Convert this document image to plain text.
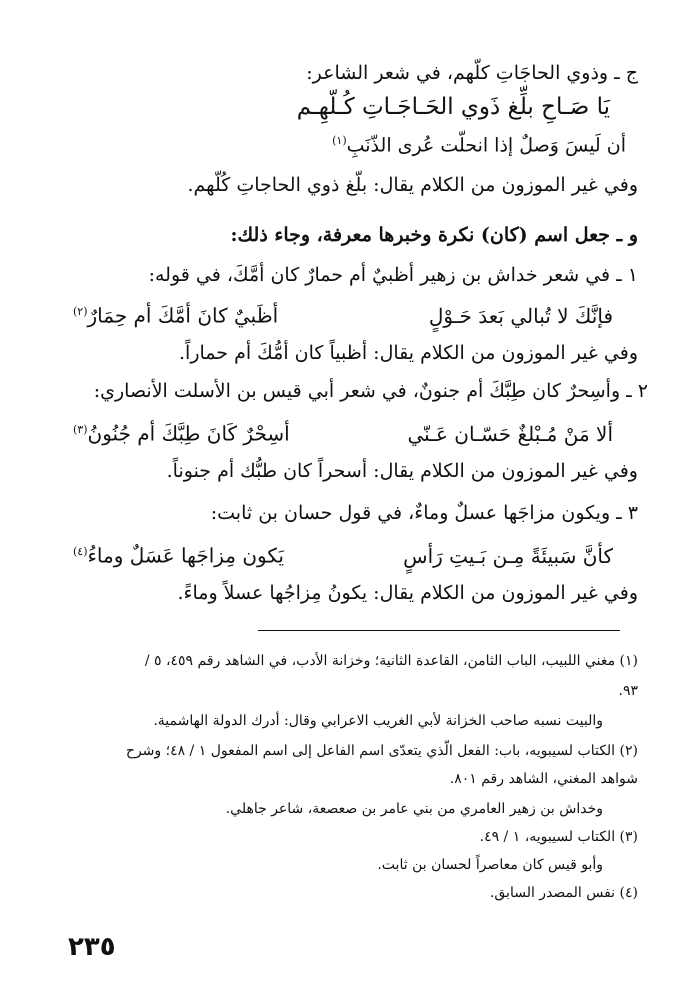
ج ـ وذوي الحاجَاتِ كلّهم، في شعر الشاعر:
يَا صَـاحِ بلِّغ ذَوي الحَـاجَـاتِ كُـلّهِـم
أن لَيسَ وَصلٌ إذا انحلّت عُرى الذّنَبِ$^{(١)}$
وفي غير الموزون من الكلام يقال: بلّغ ذوي الحاجاتِ كُلّهم.
و ـ جعل اسم (كان) نكرة وخبرها معرفة، وجاء ذلك:
١ ـ في شعر خداش بن زهير أظبيٌ أم حمارٌ كان أمَّكَ، في قوله:
فإنَّكَ لا تُبالي بَعدَ حَـوْلٍ
أظَبيٌ كانَ أمَّكَ أم حِمَارٌ$^{(٢)}$
وفي غير الموزون من الكلام يقال: أظبياً كان أمُّكَ أم حماراً.
٢ ـ وأسِحرٌ كان طِبَّكَ أم جنونٌ، في شعر أبي قيس بن الأسلت الأنصاري:
ألا مَنْ مُـبْلغٌ حَسّـان عَـنّي
أسِحْرٌ كَانَ طِبَّكَ أم جُنُونُ$^{(٣)}$
وفي غير الموزون من الكلام يقال: أسحراً كان طبُّك أم جنوناً.
٣ ـ ويكون مزاجَها عسلٌ وماءٌ، في قول حسان بن ثابت:
كأنَّ سَبيئَةً مِـن بَـيتِ رَأسٍ
يَكون مِزاجَها عَسَلٌ وماءُ$^{(٤)}$
وفي غير الموزون من الكلام يقال: يكونُ مِزاجُها عسلاً وماءً.
(١) مغني اللبيب، الباب الثامن، القاعدة الثانية؛ وخزانة الأدب، في الشاهد رقم ٤٥٩، ٥ /
٩٣.
والبيت نسبه صاحب الخزانة لأبي الغريب الاعرابي وقال: أدرك الدولة الهاشمية.
(٢) الكتاب لسيبويه، باب: الفعل الّذي يتعدّى اسم الفاعل إلى اسم المفعول ١ / ٤٨؛ وشرح
شواهد المغني، الشاهد رقم ٨٠١.
وخداش بن زهير العامري من بني عامر بن صعصعة، شاعر جاهلي.
(٣) الكتاب لسيبويه، ١ / ٤٩.
وأبو قيس كان معاصراً لحسان بن ثابت.
(٤) نفس المصدر السابق.
٢٣٥
